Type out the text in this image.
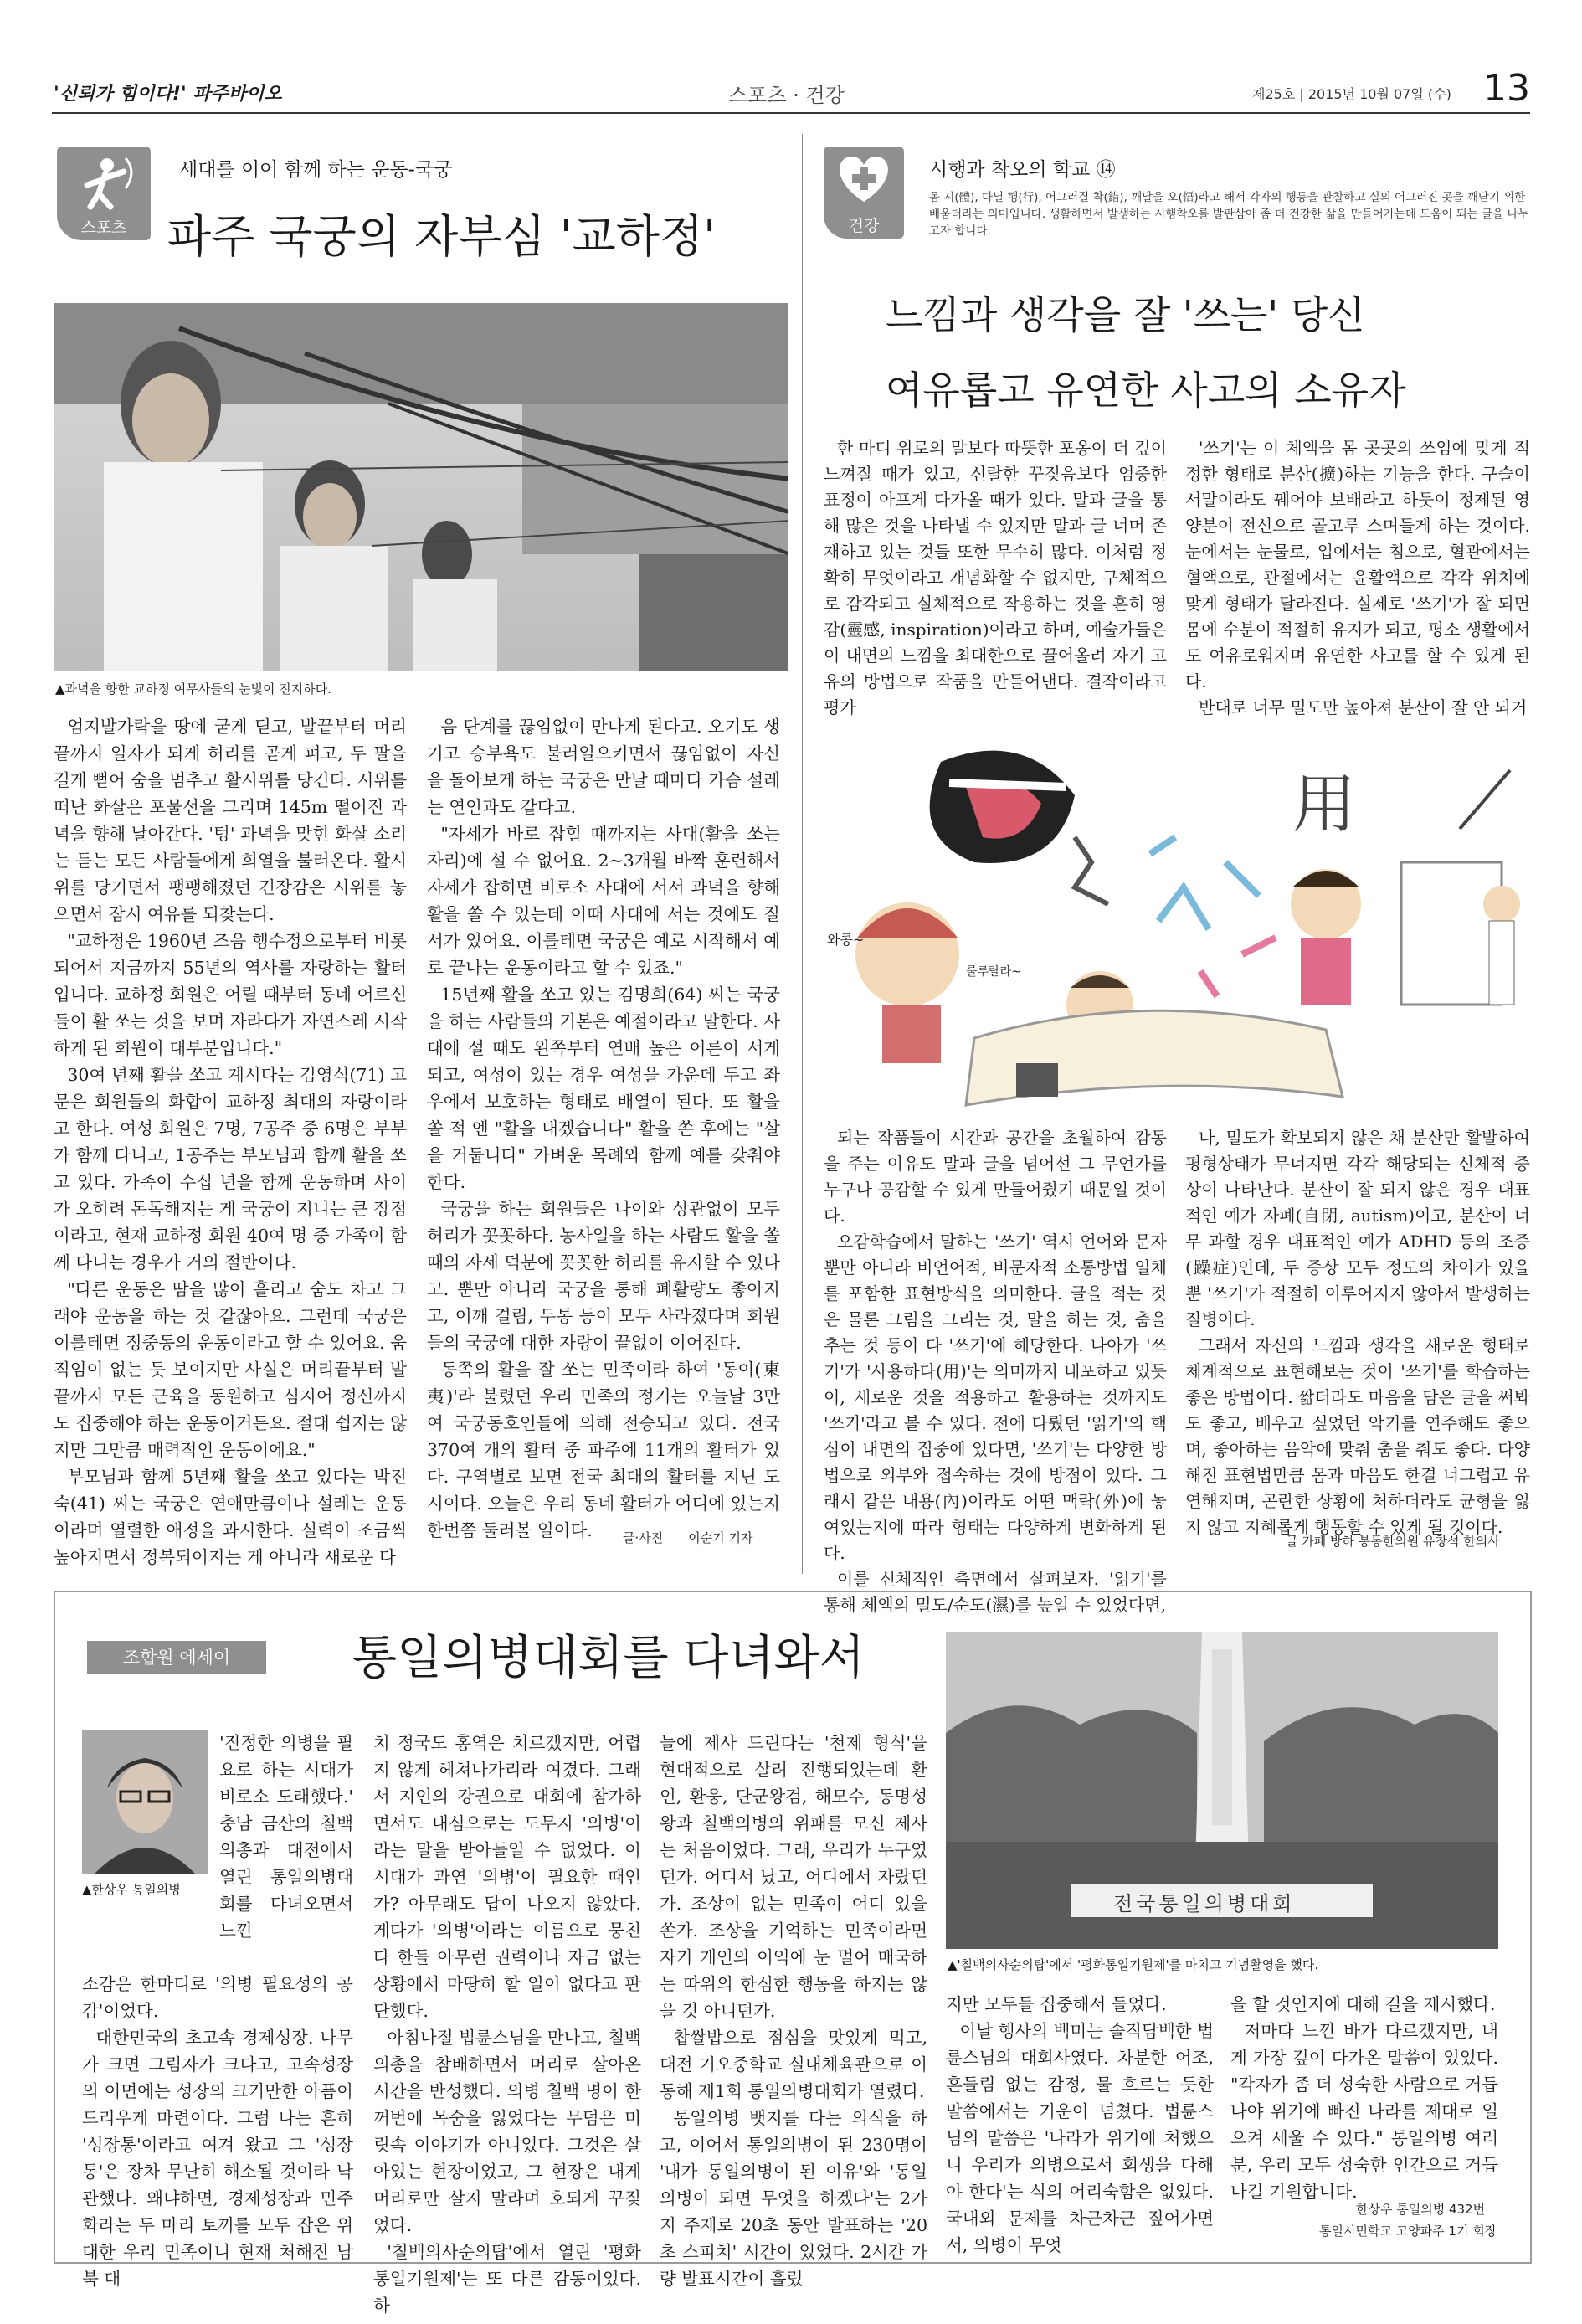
'신뢰가 힘이다!' 파주바이오	스포츠 · 건강	제25호 | 2015년 10월 07일 (수) 13
스포츠
세대를 이어 함께 하는 운동-국궁
파주 국궁의 자부심 '교하정'
▲과녁을 향한 교하정 여무사들의 눈빛이 진지하다.

엄지발가락을 땅에 굳게 딛고, 발끝부터 머리끝까지 일자가 되게 허리를 곧게 펴고, 두 팔을 길게 뻗어 숨을 멈추고 활시위를 당긴다. 시위를 떠난 화살은 포물선을 그리며 145m 떨어진 과녁을 향해 날아간다. '텅' 과녁을 맞힌 화살 소리는 듣는 모든 사람들에게 희열을 불러온다. 활시위를 당기면서 팽팽해졌던 긴장감은 시위를 놓으면서 잠시 여유를 되찾는다.

"교하정은 1960년 즈음 행수정으로부터 비롯되어서 지금까지 55년의 역사를 자랑하는 활터입니다. 교하정 회원은 어릴 때부터 동네 어르신들이 활 쏘는 것을 보며 자라다가 자연스레 시작하게 된 회원이 대부분입니다."

30여 년째 활을 쏘고 계시다는 김영식(71) 고문은 회원들의 화합이 교하정 최대의 자랑이라고 한다. 여성 회원은 7명, 7공주 중 6명은 부부가 함께 다니고, 1공주는 부모님과 함께 활을 쏘고 있다. 가족이 수십 년을 함께 운동하며 사이가 오히려 돈독해지는 게 국궁이 지니는 큰 장점이라고, 현재 교하정 회원 40여 명 중 가족이 함께 다니는 경우가 거의 절반이다.

"다른 운동은 땀을 많이 흘리고 숨도 차고 그래야 운동을 하는 것 같잖아요. 그런데 국궁은 이를테면 정중동의 운동이라고 할 수 있어요. 움직임이 없는 듯 보이지만 사실은 머리끝부터 발끝까지 모든 근육을 동원하고 심지어 정신까지도 집중해야 하는 운동이거든요. 절대 쉽지는 않지만 그만큼 매력적인 운동이에요."

부모님과 함께 5년째 활을 쏘고 있다는 박진숙(41) 씨는 국궁은 연애만큼이나 설레는 운동이라며 열렬한 애정을 과시한다. 실력이 조금씩 높아지면서 정복되어지는 게 아니라 새로운 다

음 단계를 끊임없이 만나게 된다고. 오기도 생기고 승부욕도 불러일으키면서 끊임없이 자신을 돌아보게 하는 국궁은 만날 때마다 가슴 설레는 연인과도 같다고.

"자세가 바로 잡힐 때까지는 사대(활을 쏘는 자리)에 설 수 없어요. 2~3개월 바짝 훈련해서 자세가 잡히면 비로소 사대에 서서 과녁을 향해 활을 쏠 수 있는데 이때 사대에 서는 것에도 질서가 있어요. 이를테면 국궁은 예로 시작해서 예로 끝나는 운동이라고 할 수 있죠."

15년째 활을 쏘고 있는 김명희(64) 씨는 국궁을 하는 사람들의 기본은 예절이라고 말한다. 사대에 설 때도 왼쪽부터 연배 높은 어른이 서게 되고, 여성이 있는 경우 여성을 가운데 두고 좌우에서 보호하는 형태로 배열이 된다. 또 활을 쏠 적 엔 "활을 내겠습니다" 활을 쏜 후에는 "살을 거둡니다" 가벼운 목례와 함께 예를 갖춰야 한다.

국궁을 하는 회원들은 나이와 상관없이 모두 허리가 꼿꼿하다. 농사일을 하는 사람도 활을 쏠 때의 자세 덕분에 꼿꼿한 허리를 유지할 수 있다고. 뿐만 아니라 국궁을 통해 폐활량도 좋아지고, 어깨 결림, 두통 등이 모두 사라졌다며 회원들의 국궁에 대한 자랑이 끝없이 이어진다.

동쪽의 활을 잘 쏘는 민족이라 하여 '동이(東夷)'라 불렸던 우리 민족의 정기는 오늘날 3만여 국궁동호인들에 의해 전승되고 있다. 전국 370여 개의 활터 중 파주에 11개의 활터가 있다. 구역별로 보면 전국 최대의 활터를 지닌 도시이다. 오늘은 우리 동네 활터가 어디에 있는지 한번쯤 둘러볼 일이다.	글·사진　　이순기 기자
건강
시행과 착오의 학교 ⑭
몸 시(體), 다닐 행(行), 어그러질 착(錯), 깨달을 오(悟)라고 해서 각자의 행동을 관찰하고 실의 어그러진 곳을 깨닫기 위한 배움터라는 의미입니다. 생활하면서 발생하는 시행착오를 발판삼아 좀 더 건강한 삶을 만들어가는데 도움이 되는 글을 나누고자 합니다.
느낌과 생각을 잘 '쓰는' 당신
여유롭고 유연한 사고의 소유자

한 마디 위로의 말보다 따뜻한 포옹이 더 깊이 느껴질 때가 있고, 신랄한 꾸짖음보다 엄중한 표정이 아프게 다가올 때가 있다. 말과 글을 통해 많은 것을 나타낼 수 있지만 말과 글 너머 존재하고 있는 것들 또한 무수히 많다. 이처럼 정확히 무엇이라고 개념화할 수 없지만, 구체적으로 감각되고 실체적으로 작용하는 것을 흔히 영감(靈感, inspiration)이라고 하며, 예술가들은 이 내면의 느낌을 최대한으로 끌어올려 자기 고유의 방법으로 작품을 만들어낸다. 결작이라고 평가

'쓰기'는 이 체액을 몸 곳곳의 쓰임에 맞게 적정한 형태로 분산(擴)하는 기능을 한다. 구슬이 서말이라도 꿰어야 보배라고 하듯이 정제된 영양분이 전신으로 골고루 스며들게 하는 것이다. 눈에서는 눈물로, 입에서는 침으로, 혈관에서는 혈액으로, 관절에서는 윤활액으로 각각 위치에 맞게 형태가 달라진다. 실제로 '쓰기'가 잘 되면 몸에 수분이 적절히 유지가 되고, 평소 생활에서도 여유로워지며 유연한 사고를 할 수 있게 된다.

반대로 너무 밀도만 높아져 분산이 잘 안 되거

用
와콩~
룰루랄라~

되는 작품들이 시간과 공간을 초월하여 감동을 주는 이유도 말과 글을 넘어선 그 무언가를 누구나 공감할 수 있게 만들어줬기 때문일 것이다.

오감학습에서 말하는 '쓰기' 역시 언어와 문자뿐만 아니라 비언어적, 비문자적 소통방법 일체를 포함한 표현방식을 의미한다. 글을 적는 것은 물론 그림을 그리는 것, 말을 하는 것, 춤을 추는 것 등이 다 '쓰기'에 해당한다. 나아가 '쓰기'가 '사용하다(用)'는 의미까지 내포하고 있듯이, 새로운 것을 적용하고 활용하는 것까지도 '쓰기'라고 볼 수 있다. 전에 다뤘던 '읽기'의 핵심이 내면의 집중에 있다면, '쓰기'는 다양한 방법으로 외부와 접속하는 것에 방점이 있다. 그래서 같은 내용(內)이라도 어떤 맥락(外)에 놓여있는지에 따라 형태는 다양하게 변화하게 된다.

이를 신체적인 측면에서 살펴보자. '읽기'를 통해 체액의 밀도/순도(濕)를 높일 수 있었다면,

나, 밀도가 확보되지 않은 채 분산만 활발하여 평형상태가 무너지면 각각 해당되는 신체적 증상이 나타난다. 분산이 잘 되지 않은 경우 대표적인 예가 자폐(自閉, autism)이고, 분산이 너무 과할 경우 대표적인 예가 ADHD 등의 조증(躁症)인데, 두 증상 모두 정도의 차이가 있을 뿐 '쓰기'가 적절히 이루어지지 않아서 발생하는 질병이다.

그래서 자신의 느낌과 생각을 새로운 형태로 체계적으로 표현해보는 것이 '쓰기'를 학습하는 좋은 방법이다. 짧더라도 마음을 담은 글을 써봐도 좋고, 배우고 싶었던 악기를 연주해도 좋으며, 좋아하는 음악에 맞춰 춤을 춰도 좋다. 다양해진 표현법만큼 몸과 마음도 한결 너그럽고 유연해지며, 곤란한 상황에 처하더라도 균형을 잃지 않고 지혜롭게 행동할 수 있게 될 것이다.

글 카페 방하 봉동한의원 유창석 한의사
조합원 에세이	통일의병대회를 다녀와서
▲한상우 통일의병

'진정한 의병을 필요로 하는 시대가 비로소 도래했다.' 충남 금산의 칠백의총과 대전에서 열린 통일의병대회를 다녀오면서 느낀

소감은 한마디로 '의병 필요성의 공감'이었다.

대한민국의 초고속 경제성장. 나무가 크면 그림자가 크다고, 고속성장의 이면에는 성장의 크기만한 아픔이 드리우게 마련이다. 그럼 나는 흔히 '성장통'이라고 여겨 왔고 그 '성장통'은 장차 무난히 해소될 것이라 낙관했다. 왜냐하면, 경제성장과 민주화라는 두 마리 토끼를 모두 잡은 위대한 우리 민족이니 현재 처해진 남북 대

치 정국도 홍역은 치르겠지만, 어렵지 않게 헤쳐나가리라 여겼다. 그래서 지인의 강권으로 대회에 참가하면서도 내심으로는 도무지 '의병'이라는 말을 받아들일 수 없었다. 이 시대가 과연 '의병'이 필요한 때인가? 아무래도 답이 나오지 않았다. 게다가 '의병'이라는 이름으로 뭉친다 한들 아무런 권력이나 자금 없는 상황에서 마땅히 할 일이 없다고 판단했다.

아침나절 법륜스님을 만나고, 칠백의총을 참배하면서 머리로 살아온 시간을 반성했다. 의병 칠백 명이 한꺼번에 목숨을 잃었다는 무덤은 머릿속 이야기가 아니었다. 그것은 살아있는 현장이었고, 그 현장은 내게 머리로만 살지 말라며 호되게 꾸짖었다.

'칠백의사순의탑'에서 열린 '평화통일기원제'는 또 다른 감동이었다. 하

늘에 제사 드린다는 '천제 형식'을 현대적으로 살려 진행되었는데 환인, 환웅, 단군왕검, 해모수, 동명성왕과 칠백의병의 위패를 모신 제사는 처음이었다. 그래, 우리가 누구였던가. 어디서 났고, 어디에서 자랐던가. 조상이 없는 민족이 어디 있을 쏜가. 조상을 기억하는 민족이라면 자기 개인의 이익에 눈 멀어 매국하는 따위의 한심한 행동을 하지는 않을 것 아니던가.

찹쌀밥으로 점심을 맛있게 먹고, 대전 기오중학교 실내체육관으로 이동해 제1회 통일의병대회가 열렸다.

통일의병 뱃지를 다는 의식을 하고, 이어서 통일의병이 된 230명이 '내가 통일의병이 된 이유'와 '통일의병이 되면 무엇을 하겠다'는 2가지 주제로 20초 동안 발표하는 '20초 스피치' 시간이 있었다. 2시간 가량 발표시간이 흘렀

전국통일의병대회
▲'칠백의사순의탑'에서 '평화통일기원제'를 마치고 기념촬영을 했다.

지만 모두들 집중해서 들었다.

이날 행사의 백미는 솔직담백한 법륜스님의 대회사였다. 차분한 어조, 흔들림 없는 감정, 물 흐르는 듯한 말씀에서는 기운이 넘쳤다. 법륜스님의 말씀은 '나라가 위기에 처했으니 우리가 의병으로서 회생을 다해야 한다'는 식의 어리숙함은 없었다. 국내외 문제를 차근차근 짚어가면서, 의병이 무엇

을 할 것인지에 대해 길을 제시했다.

저마다 느낀 바가 다르겠지만, 내게 가장 깊이 다가온 말씀이 있었다. "각자가 좀 더 성숙한 사람으로 거듭나야 위기에 빠진 나라를 제대로 일으켜 세울 수 있다." 통일의병 여러분, 우리 모두 성숙한 인간으로 거듭나길 기원합니다.

한상우 통일의병 432번
통일시민학교 고양파주 1기 회장
